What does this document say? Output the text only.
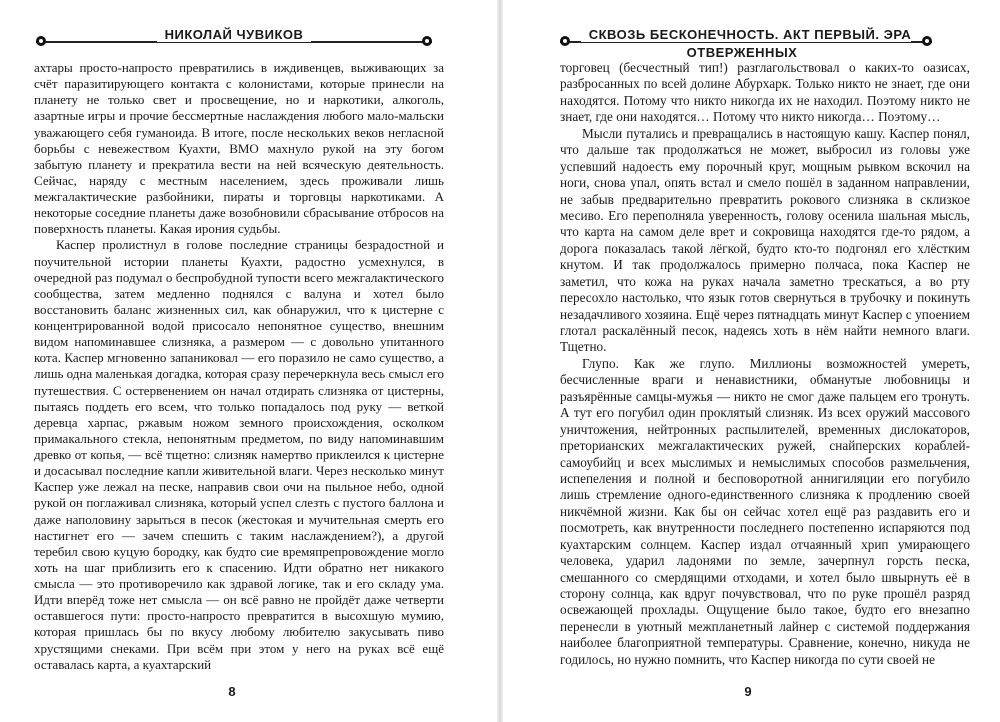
НИКОЛАЙ ЧУВИКОВ

ахтары просто-напросто превратились в иждивенцев, выживающих за счёт паразитирующего контакта с колонистами, которые принесли на планету не только свет и просвещение, но и наркотики, алкоголь, азартные игры и прочие бессмертные наслаждения любого мало-мальски уважающего себя гуманоида. В итоге, после нескольких веков негласной борьбы с невежеством Куахти, ВМО махнуло рукой на эту богом забытую планету и прекратила вести на ней всяческую деятельность. Сейчас, наряду с местным населением, здесь проживали лишь межгалактические разбойники, пираты и торговцы наркотиками. А некоторые соседние планеты даже возобновили сбрасывание отбросов на поверхность планеты. Какая ирония судьбы.

Каспер пролистнул в голове последние страницы безрадостной и поучительной истории планеты Куахти, радостно усмехнулся, в очередной раз подумал о беспробудной тупости всего межгалактического сообщества, затем медленно поднялся с валуна и хотел было восстановить баланс жизненных сил, как обнаружил, что к цистерне с концентрированной водой присосало непонятное существо, внешним видом напоминавшее слизняка, а размером — с довольно упитанного кота. Каспер мгновенно запаниковал — его поразило не само существо, а лишь одна маленькая догадка, которая сразу перечеркнула весь смысл его путешествия. С остервенением он начал отдирать слизняка от цистерны, пытаясь поддеть его всем, что только попадалось под руку — веткой деревца харпас, ржавым ножом земного происхождения, осколком примакального стекла, непонятным предметом, по виду напоминавшим древко от копья, — всё тщетно: слизняк намертво приклеился к цистерне и досасывал последние капли живительной влаги. Через несколько минут Каспер уже лежал на песке, направив свои очи на пыльное небо, одной рукой он поглаживал слизняка, который успел слезть с пустого баллона и даже наполовину зарыться в песок (жестокая и мучительная смерть его настигнет его — зачем спешить с таким наслаждением?), а другой теребил свою куцую бородку, как будто сие времяпрепровождение могло хоть на шаг приблизить его к спасению. Идти обратно нет никакого смысла — это противоречило как здравой логике, так и его складу ума. Идти вперёд тоже нет смысла — он всё равно не пройдёт даже четверти оставшегося пути: просто-напросто превратится в высохшую мумию, которая пришлась бы по вкусу любому любителю закусывать пиво хрустящими снеками. При всём при этом у него на руках всё ещё оставалась карта, а куахтарский

8
СКВОЗЬ БЕСКОНЕЧНОСТЬ. АКТ ПЕРВЫЙ. ЭРА ОТВЕРЖЕННЫХ

торговец (бесчестный тип!) разглагольствовал о каких-то оазисах, разбросанных по всей долине Абурхарк. Только никто не знает, где они находятся. Потому что никто никогда их не находил. Поэтому никто не знает, где они находятся… Потому что никто никогда… Поэтому…

Мысли путались и превращались в настоящую кашу. Каспер понял, что дальше так продолжаться не может, выбросил из головы уже успевший надоесть ему порочный круг, мощным рывком вскочил на ноги, снова упал, опять встал и смело пошёл в заданном направлении, не забыв предварительно превратить рокового слизняка в склизкое месиво. Его переполняла уверенность, голову осенила шальная мысль, что карта на самом деле врет и сокровища находятся где-то рядом, а дорога показалась такой лёгкой, будто кто-то подгонял его хлёстким кнутом. И так продолжалось примерно полчаса, пока Каспер не заметил, что кожа на руках начала заметно трескаться, а во рту пересохло настолько, что язык готов свернуться в трубочку и покинуть незадачливого хозяина. Ещё через пятнадцать минут Каспер с упоением глотал раскалённый песок, надеясь хоть в нём найти немного влаги. Тщетно.

Глупо. Как же глупо. Миллионы возможностей умереть, бесчисленные враги и ненавистники, обманутые любовницы и разъярённые самцы-мужья — никто не смог даже пальцем его тронуть. А тут его погубил один проклятый слизняк. Из всех оружий массового уничтожения, нейтронных распылителей, временных дислокаторов, преторианских межгалактических ружей, снайперских кораблей-самоубийц и всех мыслимых и немыслимых способов размельчения, испепеления и полной и бесповоротной аннигиляции его погубило лишь стремление одного-единственного слизняка к продлению своей никчёмной жизни. Как бы он сейчас хотел ещё раз раздавить его и посмотреть, как внутренности последнего постепенно испаряются под куахтарским солнцем. Каспер издал отчаянный хрип умирающего человека, ударил ладонями по земле, зачерпнул горсть песка, смешанного со смердящими отходами, и хотел было швырнуть её в сторону солнца, как вдруг почувствовал, что по руке прошёл разряд освежающей прохлады. Ощущение было такое, будто его внезапно перенесли в уютный межпланетный лайнер с системой поддержания наиболее благоприятной температуры. Сравнение, конечно, никуда не годилось, но нужно помнить, что Каспер никогда по сути своей не

9
